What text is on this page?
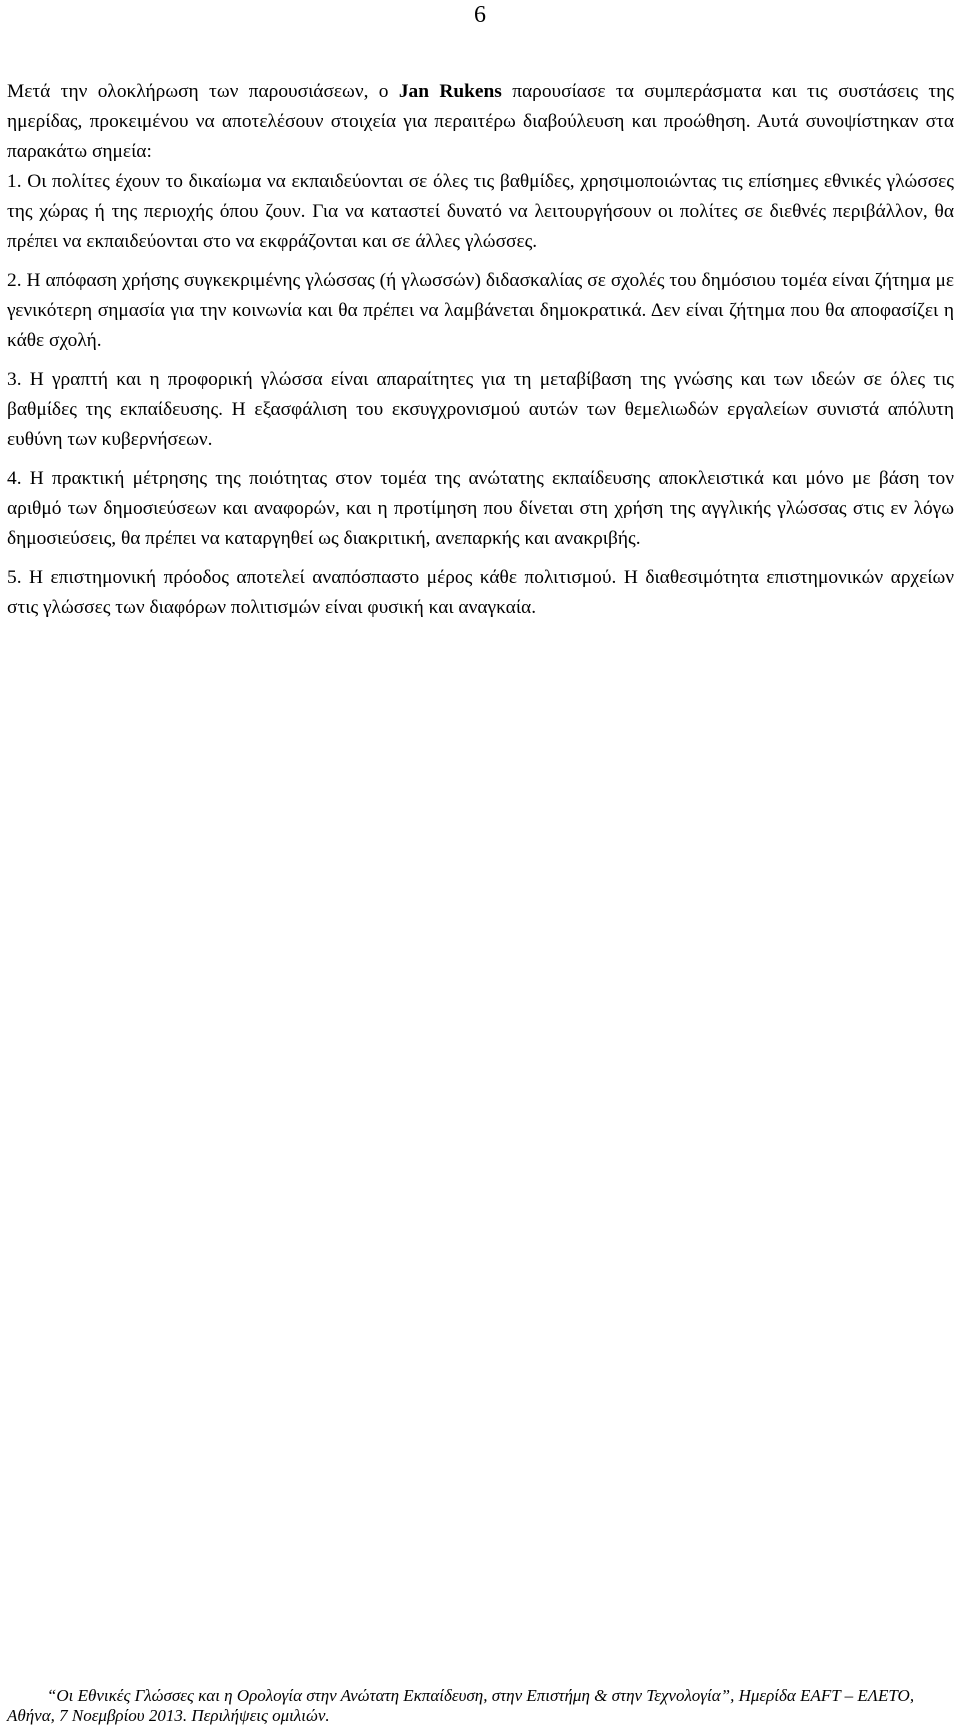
6

Μετά την ολοκλήρωση των παρουσιάσεων, ο Jan Rukens παρουσίασε τα συμπεράσματα και τις συστάσεις της ημερίδας, προκειμένου να αποτελέσουν στοιχεία για περαιτέρω διαβούλευση και προώθηση. Αυτά συνοψίστηκαν στα παρακάτω σημεία:

1. Οι πολίτες έχουν το δικαίωμα να εκπαιδεύονται σε όλες τις βαθμίδες, χρησιμοποιώντας τις επίσημες εθνικές γλώσσες της χώρας ή της περιοχής όπου ζουν. Για να καταστεί δυνατό να λειτουργήσουν οι πολίτες σε διεθνές περιβάλλον, θα πρέπει να εκπαιδεύονται στο να εκφράζονται και σε άλλες γλώσσες.

2. Η απόφαση χρήσης συγκεκριμένης γλώσσας (ή γλωσσών) διδασκαλίας σε σχολές του δημόσιου τομέα είναι ζήτημα με γενικότερη σημασία για την κοινωνία και θα πρέπει να λαμβάνεται δημοκρατικά. Δεν είναι ζήτημα που θα αποφασίζει η κάθε σχολή.

3. Η γραπτή και η προφορική γλώσσα είναι απαραίτητες για τη μεταβίβαση της γνώσης και των ιδεών σε όλες τις βαθμίδες της εκπαίδευσης. Η εξασφάλιση του εκσυγχρονισμού αυτών των θεμελιωδών εργαλείων συνιστά απόλυτη ευθύνη των κυβερνήσεων.

4. Η πρακτική μέτρησης της ποιότητας στον τομέα της ανώτατης εκπαίδευσης αποκλειστικά και μόνο με βάση τον αριθμό των δημοσιεύσεων και αναφορών, και η προτίμηση που δίνεται στη χρήση της αγγλικής γλώσσας στις εν λόγω δημοσιεύσεις, θα πρέπει να καταργηθεί ως διακριτική, ανεπαρκής και ανακριβής.

5. Η επιστημονική πρόοδος αποτελεί αναπόσπαστο μέρος κάθε πολιτισμού. Η διαθεσιμότητα επιστημονικών αρχείων στις γλώσσες των διαφόρων πολιτισμών είναι φυσική και αναγκαία.

“Οι Εθνικές Γλώσσες και η Ορολογία στην Ανώτατη Εκπαίδευση, στην Επιστήμη & στην Τεχνολογία”, Ημερίδα EAFT – ΕΛΕΤΟ,
Αθήνα, 7 Νοεμβρίου 2013. Περιλήψεις ομιλιών.
